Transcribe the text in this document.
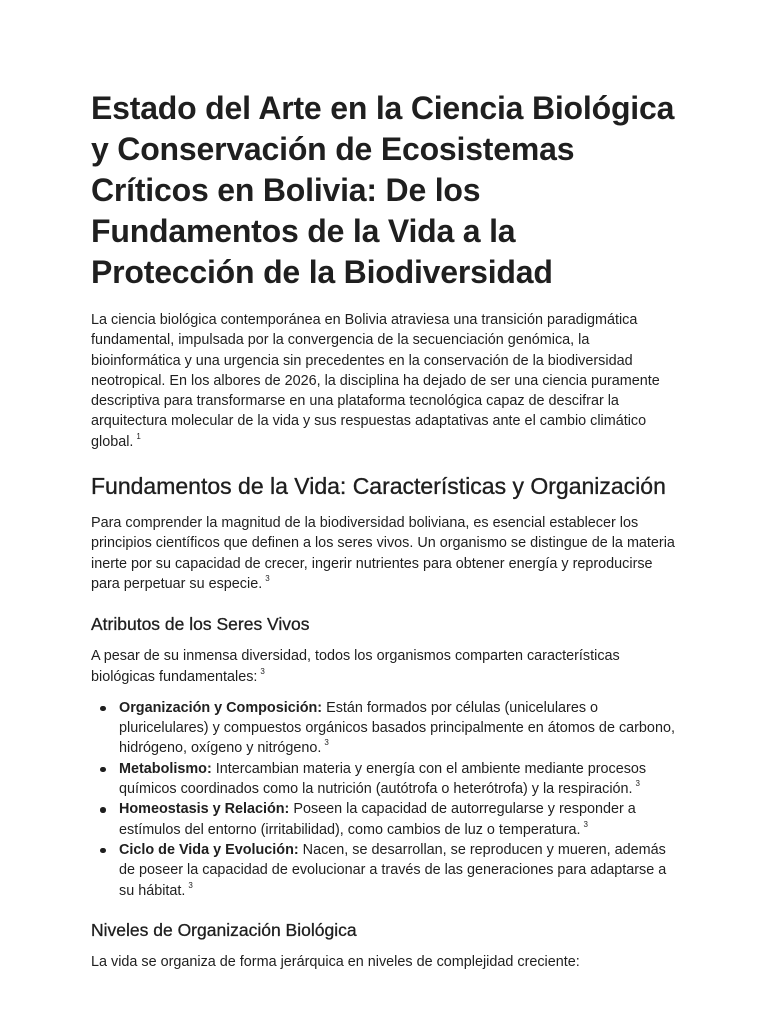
Estado del Arte en la Ciencia Biológica y Conservación de Ecosistemas Críticos en Bolivia: De los Fundamentos de la Vida a la Protección de la Biodiversidad

La ciencia biológica contemporánea en Bolivia atraviesa una transición paradigmática fundamental, impulsada por la convergencia de la secuenciación genómica, la bioinformática y una urgencia sin precedentes en la conservación de la biodiversidad neotropical. En los albores de 2026, la disciplina ha dejado de ser una ciencia puramente descriptiva para transformarse en una plataforma tecnológica capaz de descifrar la arquitectura molecular de la vida y sus respuestas adaptativas ante el cambio climático global. $^1$

Fundamentos de la Vida: Características y Organización

Para comprender la magnitud de la biodiversidad boliviana, es esencial establecer los principios científicos que definen a los seres vivos. Un organismo se distingue de la materia inerte por su capacidad de crecer, ingerir nutrientes para obtener energía y reproducirse para perpetuar su especie. $^3$

Atributos de los Seres Vivos

A pesar de su inmensa diversidad, todos los organismos comparten características biológicas fundamentales: $^3$

Organización y Composición: Están formados por células (unicelulares o pluricelulares) y compuestos orgánicos basados principalmente en átomos de carbono, hidrógeno, oxígeno y nitrógeno. $^3$
Metabolismo: Intercambian materia y energía con el ambiente mediante procesos químicos coordinados como la nutrición (autótrofa o heterótrofa) y la respiración. $^3$
Homeostasis y Relación: Poseen la capacidad de autorregularse y responder a estímulos del entorno (irritabilidad), como cambios de luz o temperatura. $^3$
Ciclo de Vida y Evolución: Nacen, se desarrollan, se reproducen y mueren, además de poseer la capacidad de evolucionar a través de las generaciones para adaptarse a su hábitat. $^3$
Niveles de Organización Biológica

La vida se organiza de forma jerárquica en niveles de complejidad creciente:
